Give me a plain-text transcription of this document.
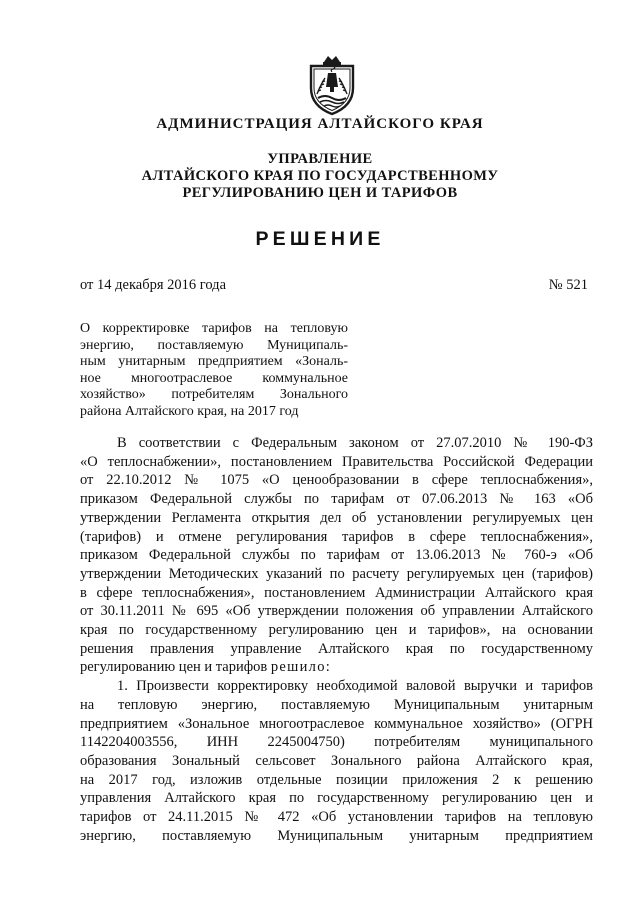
АДМИНИСТРАЦИЯ АЛТАЙСКОГО КРАЯ
УПРАВЛЕНИЕ
АЛТАЙСКОГО КРАЯ ПО ГОСУДАРСТВЕННОМУ
РЕГУЛИРОВАНИЮ ЦЕН И ТАРИФОВ
РЕШЕНИЕ
от 14 декабря 2016 года	№ 521
О корректировке тарифов на тепловую
энергию, поставляемую Муниципаль-
ным унитарным предприятием «Зональ-
ное многоотраслевое коммунальное
хозяйство» потребителям Зонального
района Алтайского края, на 2017 год
В соответствии с Федеральным законом от 27.07.2010 № 190-ФЗ
«О теплоснабжении», постановлением Правительства Российской Федерации
от 22.10.2012 № 1075 «О ценообразовании в сфере теплоснабжения»,
приказом Федеральной службы по тарифам от 07.06.2013 № 163 «Об
утверждении Регламента открытия дел об установлении регулируемых цен
(тарифов) и отмене регулирования тарифов в сфере теплоснабжения»,
приказом Федеральной службы по тарифам от 13.06.2013 № 760-э «Об
утверждении Методических указаний по расчету регулируемых цен (тарифов)
в сфере теплоснабжения», постановлением Администрации Алтайского края
от 30.11.2011 № 695 «Об утверждении положения об управлении Алтайского
края по государственному регулированию цен и тарифов», на основании
решения правления управление Алтайского края по государственному
регулированию цен и тарифов решило:
1. Произвести корректировку необходимой валовой выручки и тарифов
на тепловую энергию, поставляемую Муниципальным унитарным
предприятием «Зональное многоотраслевое коммунальное хозяйство» (ОГРН
1142204003556, ИНН 2245004750) потребителям муниципального
образования Зональный сельсовет Зонального района Алтайского края,
на 2017 год, изложив отдельные позиции приложения 2 к решению
управления Алтайского края по государственному регулированию цен и
тарифов от 24.11.2015 № 472 «Об установлении тарифов на тепловую
энергию, поставляемую Муниципальным унитарным предприятием
